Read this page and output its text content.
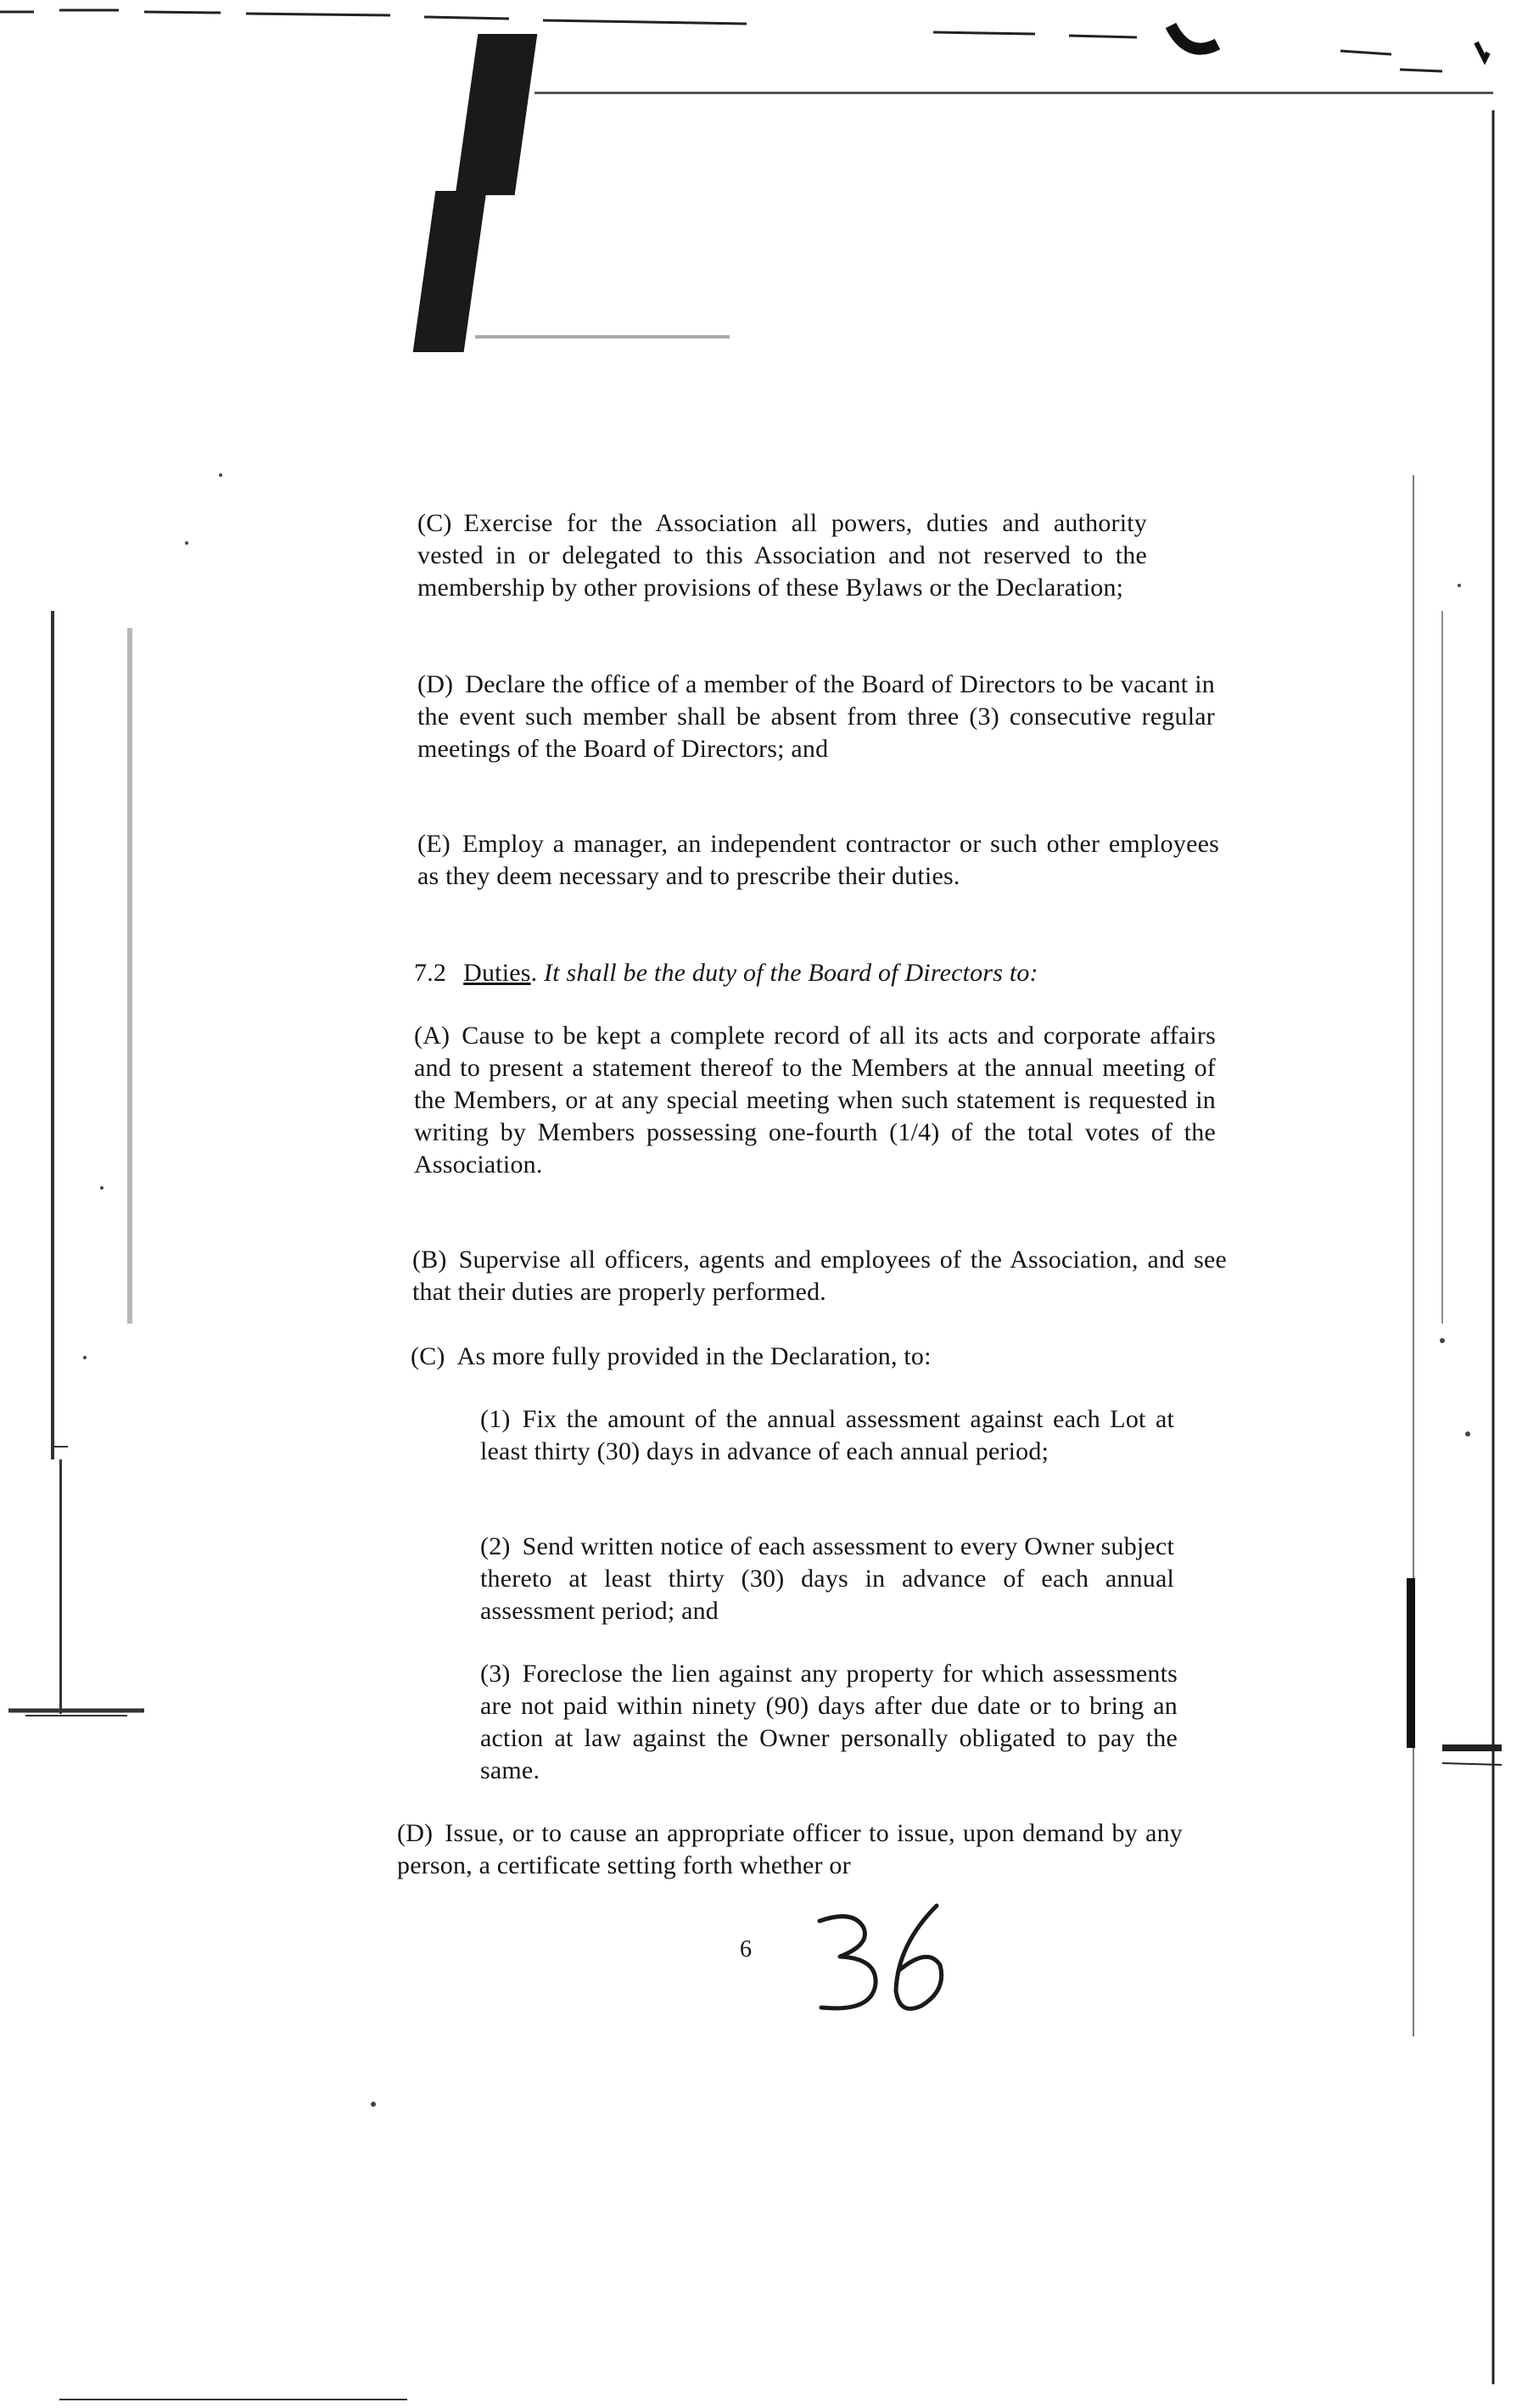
(C) Exercise for the Association all powers, duties and authority vested in or delegated to this Association and not reserved to the membership by other provisions of these Bylaws or the Declaration;
(D) Declare the office of a member of the Board of Directors to be vacant in the event such member shall be absent from three (3) consecutive regular meetings of the Board of Directors; and
(E) Employ a manager, an independent contractor or such other employees as they deem necessary and to prescribe their duties.
7.2 Duties. It shall be the duty of the Board of Directors to:
(A) Cause to be kept a complete record of all its acts and corporate affairs and to present a statement thereof to the Members at the annual meeting of the Members, or at any special meeting when such statement is requested in writing by Members possessing one-fourth (1/4) of the total votes of the Association.
(B) Supervise all officers, agents and employees of the Association, and see that their duties are properly performed.
(C) As more fully provided in the Declaration, to:
(1) Fix the amount of the annual assessment against each Lot at least thirty (30) days in advance of each annual period;
(2) Send written notice of each assessment to every Owner subject thereto at least thirty (30) days in advance of each annual assessment period; and
(3) Foreclose the lien against any property for which assessments are not paid within ninety (90) days after due date or to bring an action at law against the Owner personally obligated to pay the same.
(D) Issue, or to cause an appropriate officer to issue, upon demand by any person, a certificate setting forth whether or
6
